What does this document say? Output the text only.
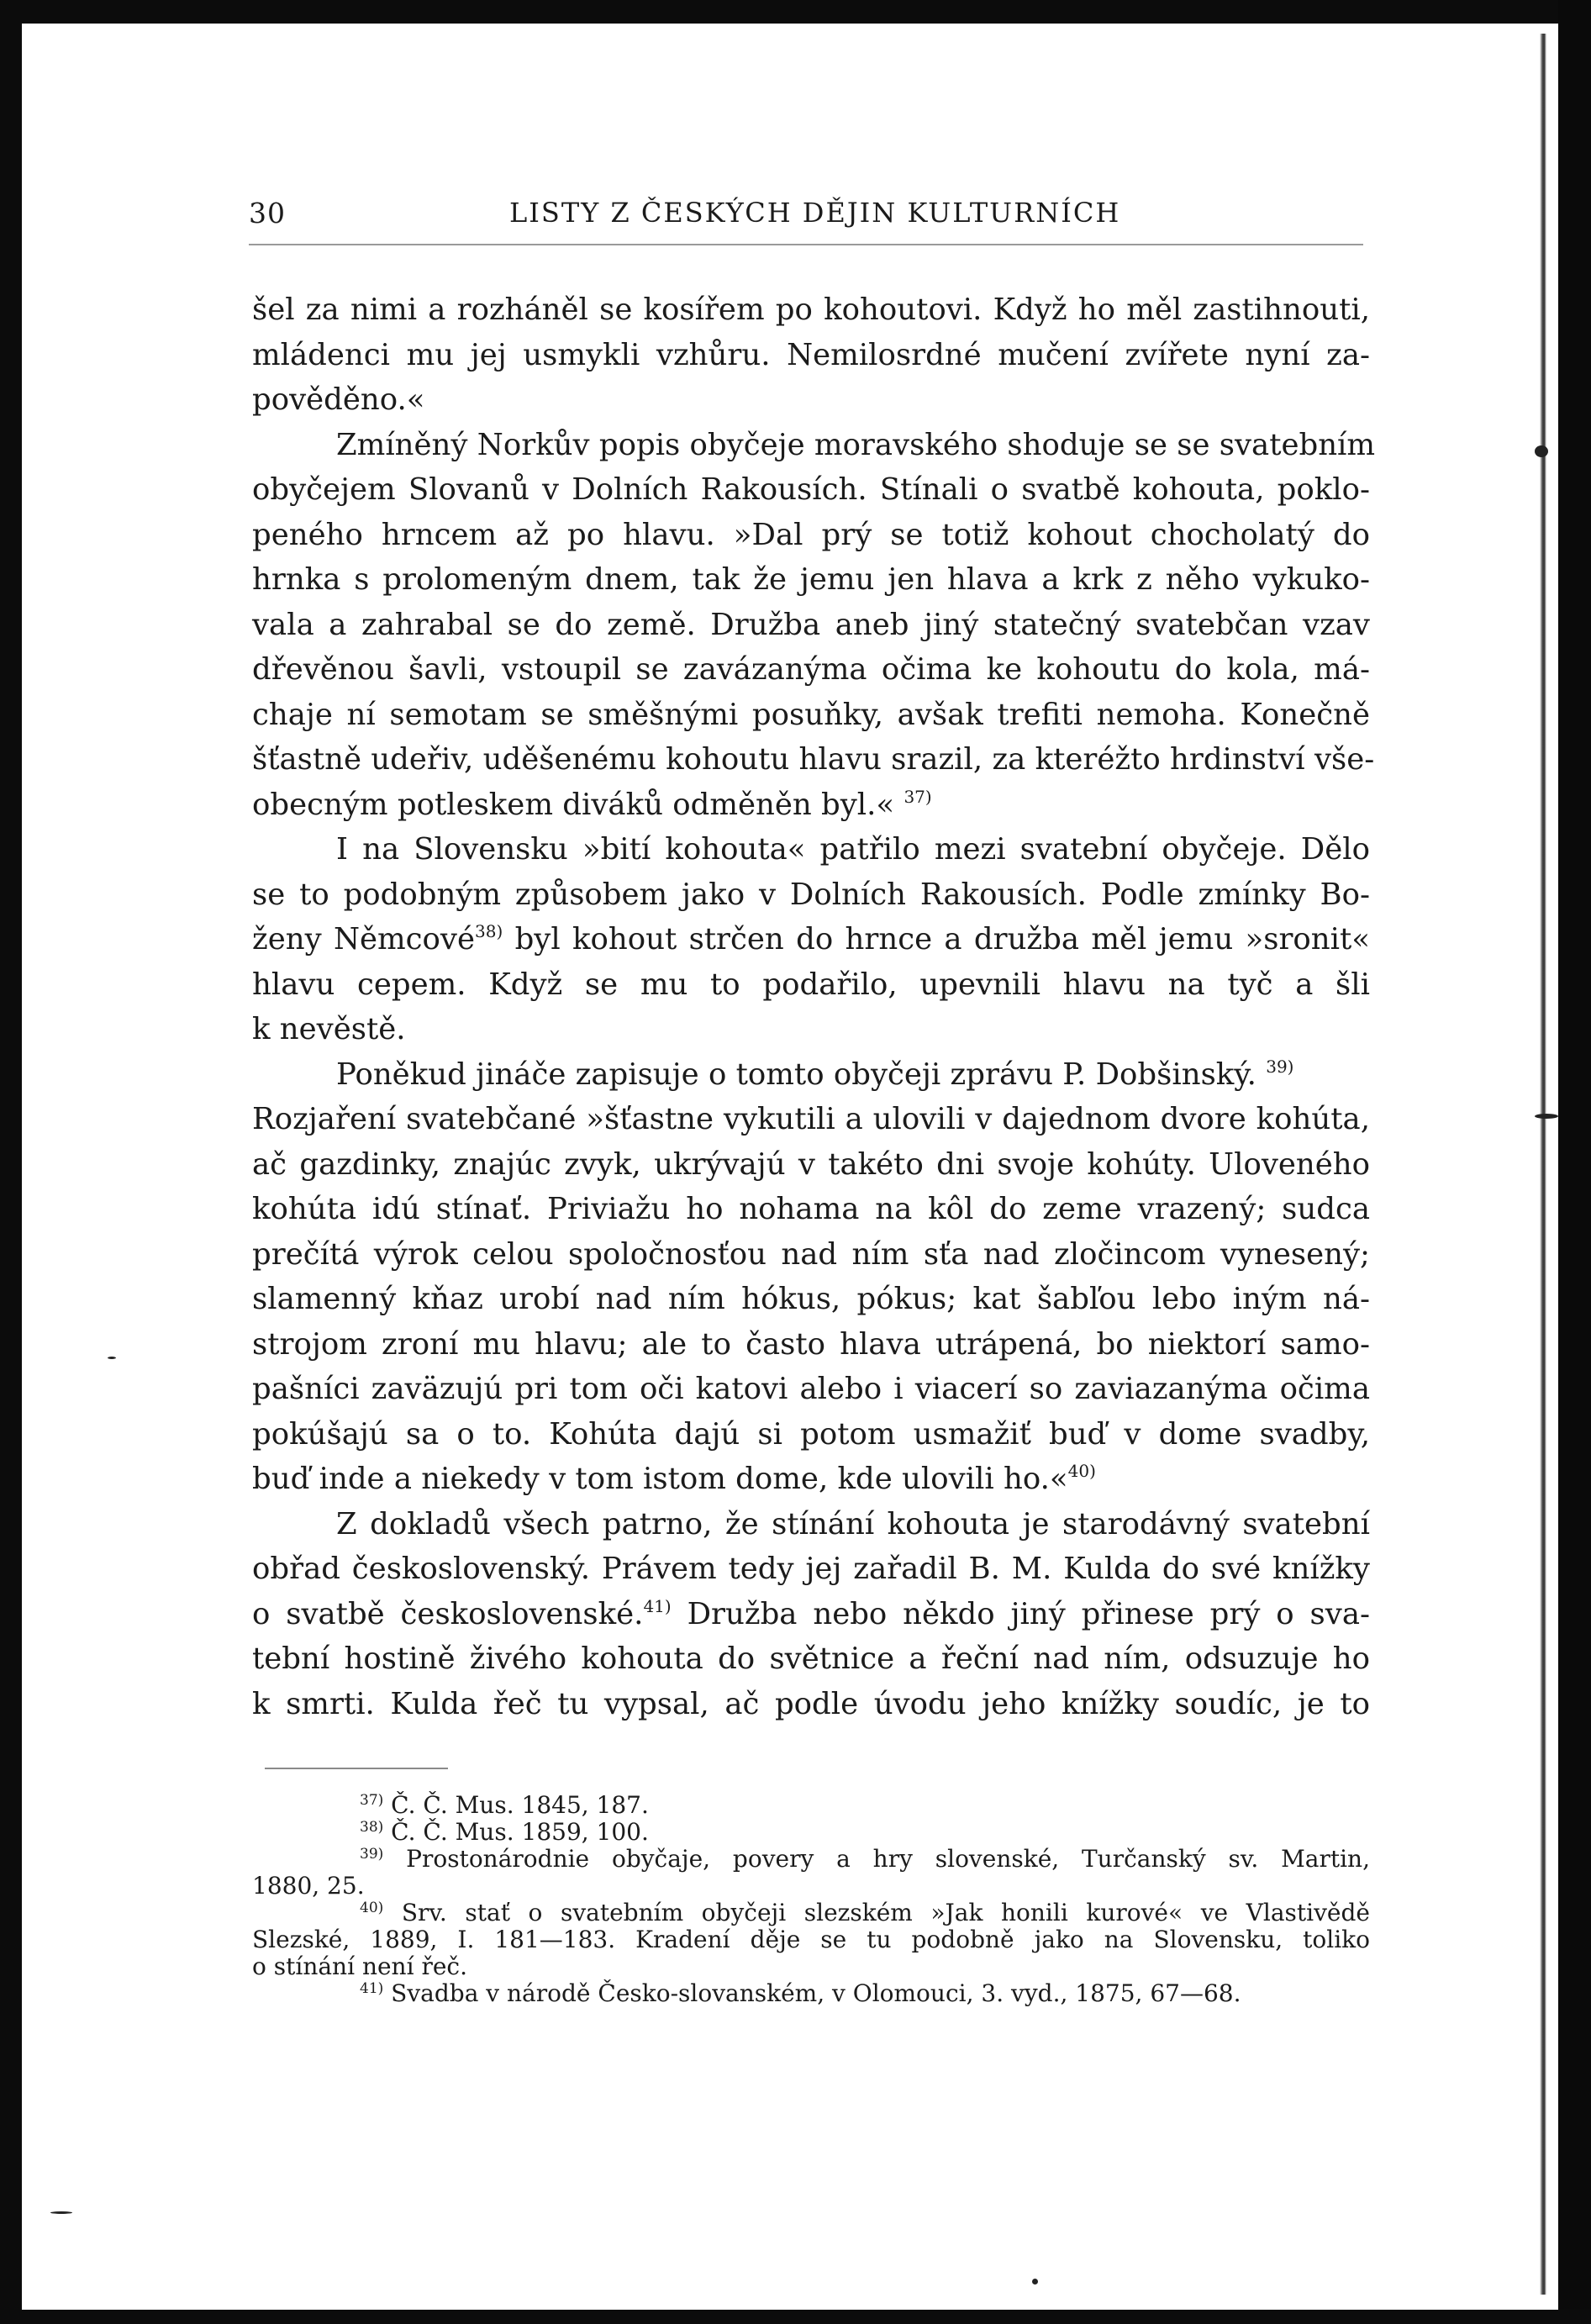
30	LISTY Z ČESKÝCH DĚJIN KULTURNÍCH
šel za nimi a rozháněl se kosířem po kohoutovi. Když ho měl zastihnouti,
mládenci mu jej usmykli vzhůru. Nemilosrdné mučení zvířete nyní za-
pověděno.«
Zmíněný Norkův popis obyčeje moravského shoduje se se svatebním
obyčejem Slovanů v Dolních Rakousích. Stínali o svatbě kohouta, poklo-
peného hrncem až po hlavu. »Dal prý se totiž kohout chocholatý do
hrnka s prolomeným dnem, tak že jemu jen hlava a krk z něho vykuko-
vala a zahrabal se do země. Družba aneb jiný statečný svatebčan vzav
dřevěnou šavli, vstoupil se zavázanýma očima ke kohoutu do kola, má-
chaje ní semotam se směšnými posuňky, avšak trefiti nemoha. Konečně
šťastně udeřiv, uděšenému kohoutu hlavu srazil, za kteréžto hrdinství vše-
obecným potleskem diváků odměněn byl.« $^{37)}$
I na Slovensku »bití kohouta« patřilo mezi svatební obyčeje. Dělo
se to podobným způsobem jako v Dolních Rakousích. Podle zmínky Bo-
ženy Němcové$^{38)}$ byl kohout strčen do hrnce a družba měl jemu »sronit«
hlavu cepem. Když se mu to podařilo, upevnili hlavu na tyč a šli
k nevěstě.
Poněkud jináče zapisuje o tomto obyčeji zprávu P. Dobšinský. $^{39)}$
Rozjaření svatebčané »šťastne vykutili a ulovili v dajednom dvore kohúta,
ač gazdinky, znajúc zvyk, ukrývajú v takéto dni svoje kohúty. Uloveného
kohúta idú stínať. Priviažu ho nohama na kôl do zeme vrazený; sudca
prečítá výrok celou spoločnosťou nad ním sťa nad zločincom vynesený;
slamenný kňaz urobí nad ním hókus, pókus; kat šabľou lebo iným ná-
strojom zroní mu hlavu; ale to často hlava utrápená, bo niektorí samo-
pašníci zaväzujú pri tom oči katovi alebo i viacerí so zaviazanýma očima
pokúšajú sa o to. Kohúta dajú si potom usmažiť buď v dome svadby,
buď inde a niekedy v tom istom dome, kde ulovili ho.«$^{40)}$
Z dokladů všech patrno, že stínání kohouta je starodávný svatební
obřad československý. Právem tedy jej zařadil B. M. Kulda do své knížky
o svatbě československé.$^{41)}$ Družba nebo někdo jiný přinese prý o sva-
tební hostině živého kohouta do světnice a řeční nad ním, odsuzuje ho
k smrti. Kulda řeč tu vypsal, ač podle úvodu jeho knížky soudíc, je to
$^{37)}$ Č. Č. Mus. 1845, 187.
$^{38)}$ Č. Č. Mus. 1859, 100.
$^{39)}$ Prostonárodnie obyčaje, povery a hry slovenské, Turčanský sv. Martin,
1880, 25.
$^{40)}$ Srv. stať o svatebním obyčeji slezském »Jak honili kurové« ve Vlastivědě
Slezské, 1889, I. 181—183. Kradení děje se tu podobně jako na Slovensku, toliko
o stínání není řeč.
$^{41)}$ Svadba v národě Česko-slovanském, v Olomouci, 3. vyd., 1875, 67—68.
